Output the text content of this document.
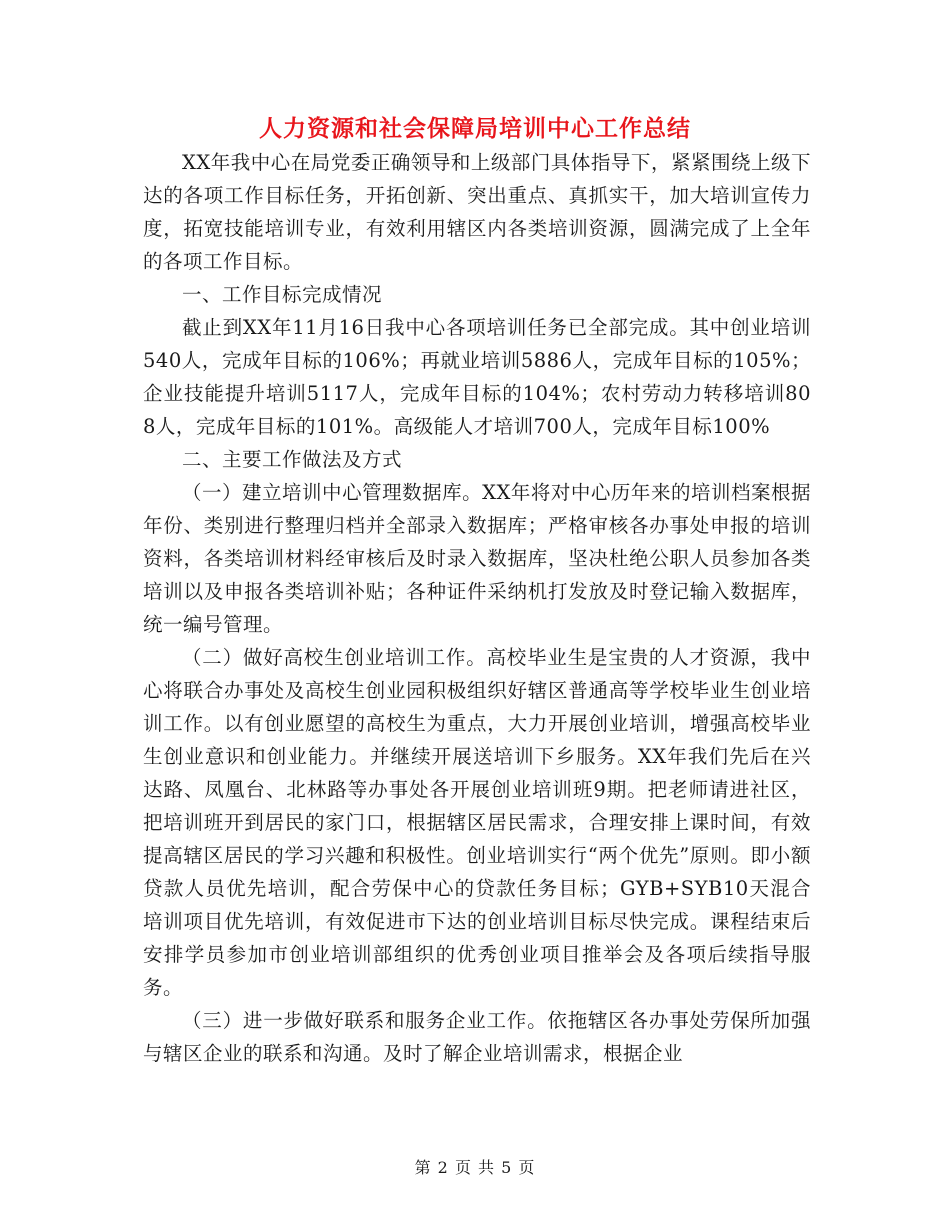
人力资源和社会保障局培训中心工作总结

XX年我中心在局党委正确领导和上级部门具体指导下，紧紧围绕上级下达的各项工作目标任务，开拓创新、突出重点、真抓实干，加大培训宣传力度，拓宽技能培训专业，有效利用辖区内各类培训资源，圆满完成了上全年的各项工作目标。

一、工作目标完成情况

截止到XX年11月16日我中心各项培训任务已全部完成。其中创业培训540人，完成年目标的106%；再就业培训5886人，完成年目标的105%；企业技能提升培训5117人，完成年目标的104%；农村劳动力转移培训808人，完成年目标的101%。高级能人才培训700人，完成年目标100%

二、主要工作做法及方式

（一）建立培训中心管理数据库。XX年将对中心历年来的培训档案根据年份、类别进行整理归档并全部录入数据库；严格审核各办事处申报的培训资料，各类培训材料经审核后及时录入数据库，坚决杜绝公职人员参加各类培训以及申报各类培训补贴；各种证件采纳机打发放及时登记输入数据库，统一编号管理。

（二）做好高校生创业培训工作。高校毕业生是宝贵的人才资源，我中心将联合办事处及高校生创业园积极组织好辖区普通高等学校毕业生创业培训工作。以有创业愿望的高校生为重点，大力开展创业培训，增强高校毕业生创业意识和创业能力。并继续开展送培训下乡服务。XX年我们先后在兴达路、凤凰台、北林路等办事处各开展创业培训班9期。把老师请进社区，把培训班开到居民的家门口，根据辖区居民需求，合理安排上课时间，有效提高辖区居民的学习兴趣和积极性。创业培训实行“两个优先”原则。即小额贷款人员优先培训，配合劳保中心的贷款任务目标；GYB+SYB10天混合培训项目优先培训，有效促进市下达的创业培训目标尽快完成。课程结束后安排学员参加市创业培训部组织的优秀创业项目推举会及各项后续指导服务。

（三）进一步做好联系和服务企业工作。依拖辖区各办事处劳保所加强与辖区企业的联系和沟通。及时了解企业培训需求，根据企业

第 2 页 共 5 页
